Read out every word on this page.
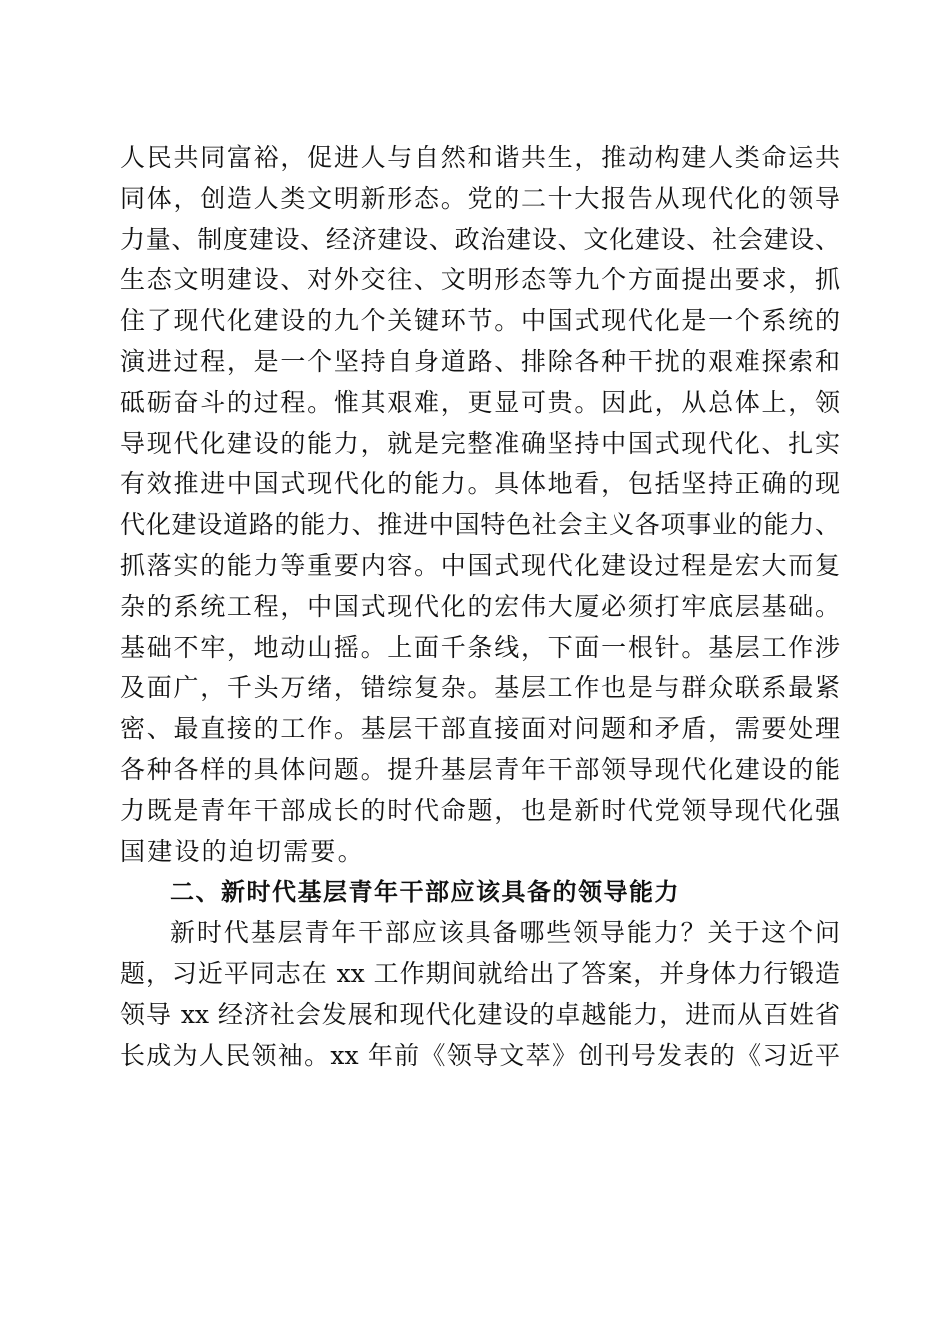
人民共同富裕，促进人与自然和谐共生，推动构建人类命运共
同体，创造人类文明新形态。党的二十大报告从现代化的领导
力量、制度建设、经济建设、政治建设、文化建设、社会建设、
生态文明建设、对外交往、文明形态等九个方面提出要求，抓
住了现代化建设的九个关键环节。中国式现代化是一个系统的
演进过程，是一个坚持自身道路、排除各种干扰的艰难探索和
砥砺奋斗的过程。惟其艰难，更显可贵。因此，从总体上，领
导现代化建设的能力，就是完整准确坚持中国式现代化、扎实
有效推进中国式现代化的能力。具体地看，包括坚持正确的现
代化建设道路的能力、推进中国特色社会主义各项事业的能力、
抓落实的能力等重要内容。中国式现代化建设过程是宏大而复
杂的系统工程，中国式现代化的宏伟大厦必须打牢底层基础。
基础不牢，地动山摇。上面千条线，下面一根针。基层工作涉
及面广，千头万绪，错综复杂。基层工作也是与群众联系最紧
密、最直接的工作。基层干部直接面对问题和矛盾，需要处理
各种各样的具体问题。提升基层青年干部领导现代化建设的能
力既是青年干部成长的时代命题，也是新时代党领导现代化强
国建设的迫切需要。
二、新时代基层青年干部应该具备的领导能力
新时代基层青年干部应该具备哪些领导能力？关于这个问
题，习近平同志在 xx 工作期间就给出了答案，并身体力行锻造
领导 xx 经济社会发展和现代化建设的卓越能力，进而从百姓省
长成为人民领袖。xx 年前《领导文萃》创刊号发表的《习近平
